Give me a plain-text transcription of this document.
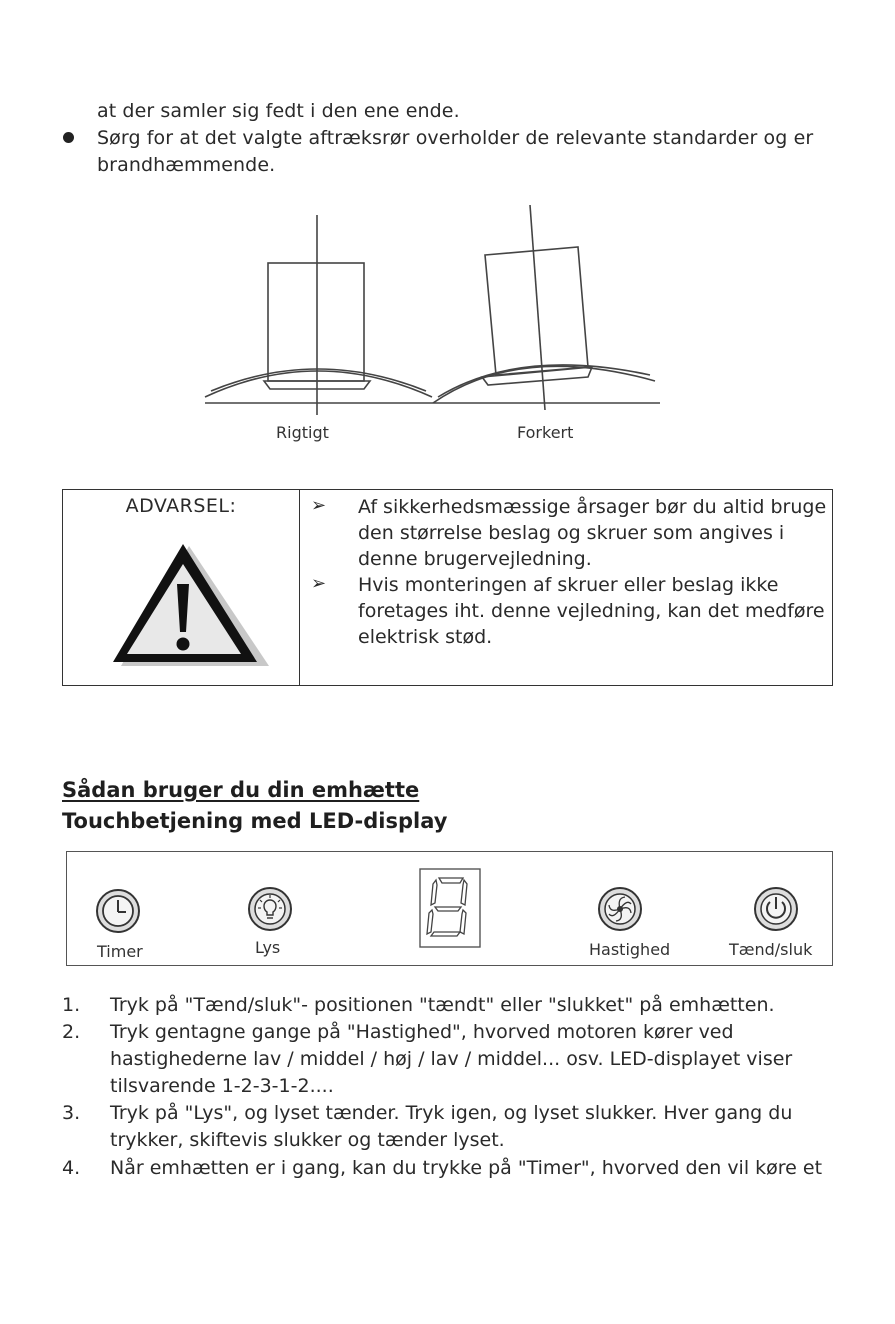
at der samler sig fedt i den ene ende.
Sørg for at det valgte aftræksrør overholder de relevante standarder og er
brandhæmmende.
Rigtigt	Forkert
ADVARSEL:	➢ Af sikkerhedsmæssige årsager bør du altid bruge
den størrelse beslag og skruer som angives i
denne brugervejledning.
➢ Hvis monteringen af skruer eller beslag ikke
foretages iht. denne vejledning, kan det medføre
elektrisk stød.
Sådan bruger du din emhætte
Touchbetjening med LED-display
Timer	Lys	Hastighed	Tænd/sluk
1. Tryk på "Tænd/sluk"- positionen "tændt" eller "slukket" på emhætten.
2. Tryk gentagne gange på "Hastighed", hvorved motoren kører ved
hastighederne lav / middel / høj / lav / middel... osv. LED-displayet viser
tilsvarende 1-2-3-1-2....
3. Tryk på "Lys", og lyset tænder. Tryk igen, og lyset slukker. Hver gang du
trykker, skiftevis slukker og tænder lyset.
4. Når emhætten er i gang, kan du trykke på "Timer", hvorved den vil køre et
